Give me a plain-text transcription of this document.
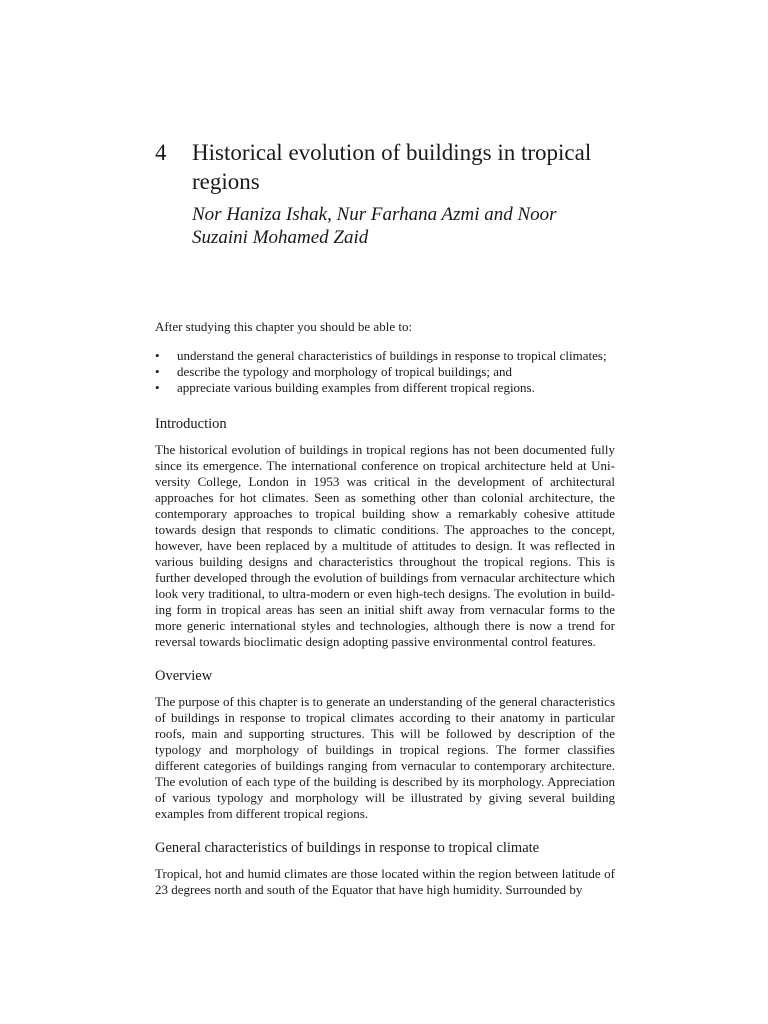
4 Historical evolution of buildings in tropical regions
Nor Haniza Ishak, Nur Farhana Azmi and Noor Suzaini Mohamed Zaid

After studying this chapter you should be able to:

• understand the general characteristics of buildings in response to tropical climates;
• describe the typology and morphology of tropical buildings; and
• appreciate various building examples from different tropical regions.
Introduction

The historical evolution of buildings in tropical regions has not been documented fully since its emergence. The international conference on tropical architecture held at University College, London in 1953 was critical in the development of architectural approaches for hot climates. Seen as something other than colonial architecture, the contemporary approaches to tropical building show a remarkably cohesive attitude towards design that responds to climatic conditions. The approaches to the concept, however, have been replaced by a multitude of attitudes to design. It was reflected in various building designs and characteristics throughout the tropical regions. This is further developed through the evolution of buildings from vernacular architecture which look very traditional, to ultra-modern or even high-tech designs. The evolution in building form in tropical areas has seen an initial shift away from vernacular forms to the more generic international styles and technologies, although there is now a trend for reversal towards bioclimatic design adopting passive environmental control features.

Overview

The purpose of this chapter is to generate an understanding of the general characteristics of buildings in response to tropical climates according to their anatomy in particular roofs, main and supporting structures. This will be followed by description of the typology and morphology of buildings in tropical regions. The former classifies different categories of buildings ranging from vernacular to contemporary architecture. The evolution of each type of the building is described by its morphology. Appreciation of various typology and morphology will be illustrated by giving several building examples from different tropical regions.

General characteristics of buildings in response to tropical climate

Tropical, hot and humid climates are those located within the region between latitude of 23 degrees north and south of the Equator that have high humidity. Surrounded by
